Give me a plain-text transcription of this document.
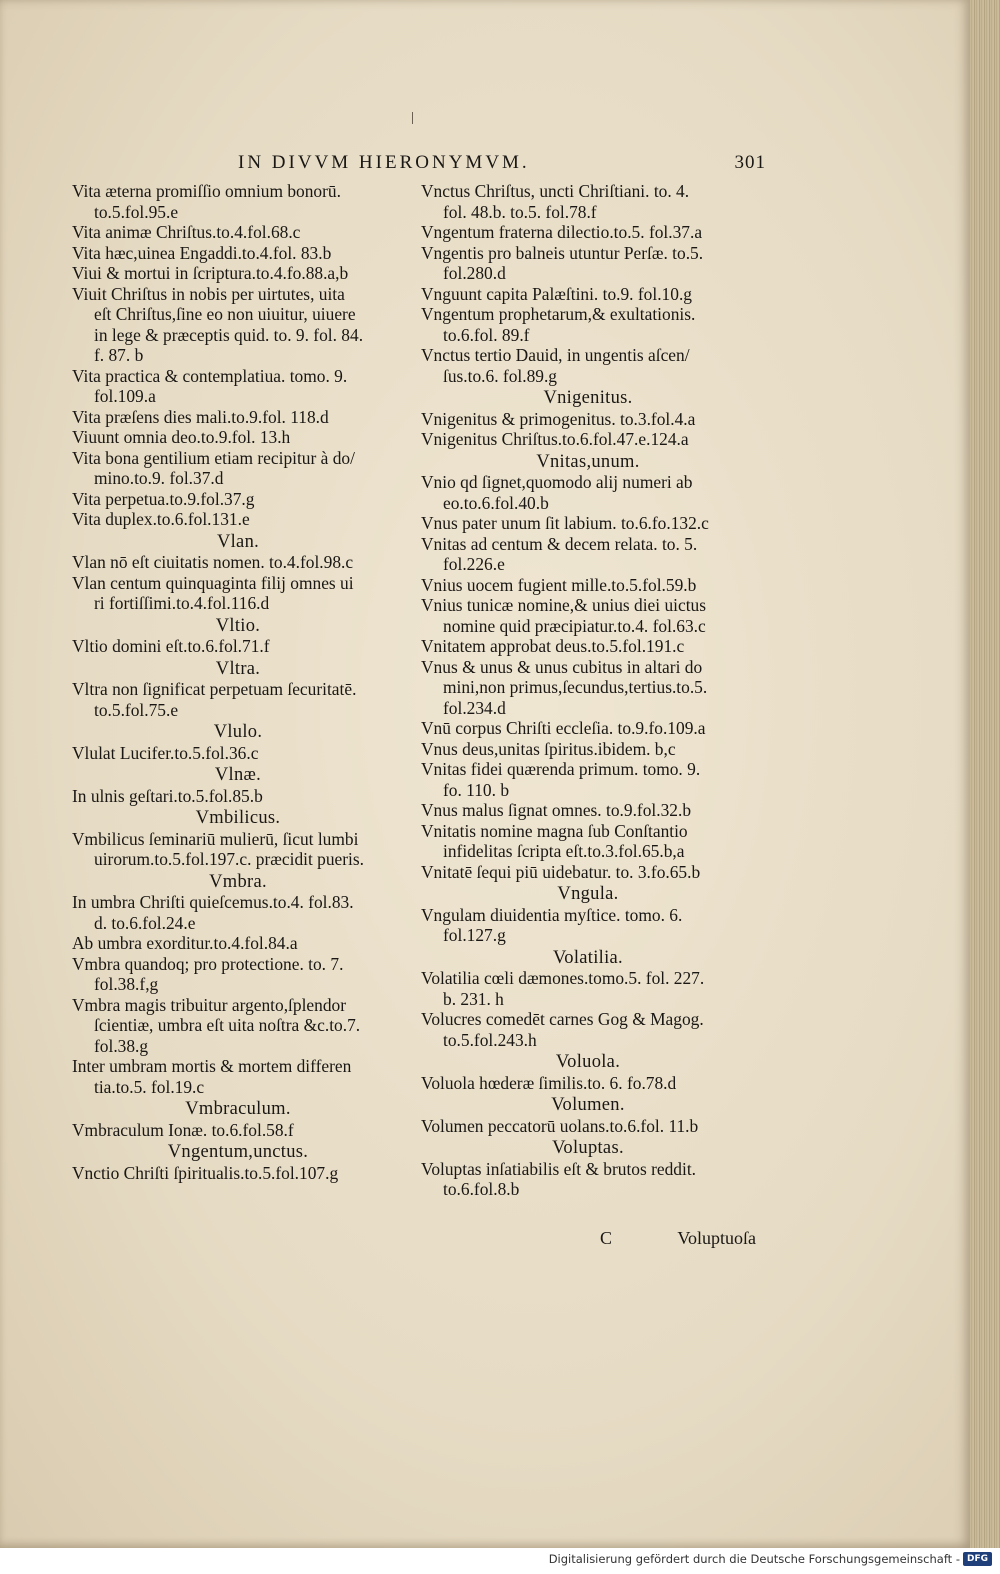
IN DIVVM HIERONYMVM.	301
Vita æterna promiſſio omnium bonorū.
to.5.fol.95.e
Vita animæ Chriſtus.to.4.fol.68.c
Vita hæc,uinea Engaddi.to.4.fol. 83.b
Viui & mortui in ſcriptura.to.4.fo.88.a,b
Viuit Chriſtus in nobis per uirtutes, uita
eſt Chriſtus,ſine eo non uiuitur, uiuere
in lege & præceptis quid. to. 9. fol. 84.
f. 87. b
Vita practica & contemplatiua. tomo. 9.
fol.109.a
Vita præſens dies mali.to.9.fol. 118.d
Viuunt omnia deo.to.9.fol. 13.h
Vita bona gentilium etiam recipitur à do/
mino.to.9. fol.37.d
Vita perpetua.to.9.fol.37.g
Vita duplex.to.6.fol.131.e
Vlan.
Vlan nō eſt ciuitatis nomen. to.4.fol.98.c
Vlan centum quinquaginta filij omnes ui
ri fortiſſimi.to.4.fol.116.d
Vltio.
Vltio domini eſt.to.6.fol.71.f
Vltra.
Vltra non ſignificat perpetuam ſecuritatē.
to.5.fol.75.e
Vlulo.
Vlulat Lucifer.to.5.fol.36.c
Vlnæ.
In ulnis geſtari.to.5.fol.85.b
Vmbilicus.
Vmbilicus ſeminariū mulierū, ſicut lumbi
uirorum.to.5.fol.197.c. præcidit pueris.
Vmbra.
In umbra Chriſti quieſcemus.to.4. fol.83.
d. to.6.fol.24.e
Ab umbra exorditur.to.4.fol.84.a
Vmbra quandoq; pro protectione. to. 7.
fol.38.f,g
Vmbra magis tribuitur argento,ſplendor
ſcientiæ, umbra eſt uita noſtra &c.to.7.
fol.38.g
Inter umbram mortis & mortem differen
tia.to.5. fol.19.c
Vmbraculum.
Vmbraculum Ionæ. to.6.fol.58.f
Vngentum,unctus.
Vnctio Chriſti ſpiritualis.to.5.fol.107.g
Vnctus Chriſtus, uncti Chriſtiani. to. 4.
fol. 48.b. to.5. fol.78.f
Vngentum fraterna dilectio.to.5. fol.37.a
Vngentis pro balneis utuntur Perſæ. to.5.
fol.280.d
Vnguunt capita Palæſtini. to.9. fol.10.g
Vngentum prophetarum,& exultationis.
to.6.fol. 89.f
Vnctus tertio Dauid, in ungentis aſcen/
ſus.to.6. fol.89.g
Vnigenitus.
Vnigenitus & primogenitus. to.3.fol.4.a
Vnigenitus Chriſtus.to.6.fol.47.e.124.a
Vnitas,unum.
Vnio qd ſignet,quomodo alij numeri ab
eo.to.6.fol.40.b
Vnus pater unum ſit labium. to.6.fo.132.c
Vnitas ad centum & decem relata. to. 5.
fol.226.e
Vnius uocem fugient mille.to.5.fol.59.b
Vnius tunicæ nomine,& unius diei uictus
nomine quid præcipiatur.to.4. fol.63.c
Vnitatem approbat deus.to.5.fol.191.c
Vnus & unus & unus cubitus in altari do
mini,non primus,ſecundus,tertius.to.5.
fol.234.d
Vnū corpus Chriſti eccleſia. to.9.fo.109.a
Vnus deus,unitas ſpiritus.ibidem. b,c
Vnitas fidei quærenda primum. tomo. 9.
fo. 110. b
Vnus malus ſignat omnes. to.9.fol.32.b
Vnitatis nomine magna ſub Conſtantio
infidelitas ſcripta eſt.to.3.fol.65.b,a
Vnitatē ſequi piū uidebatur. to. 3.fo.65.b
Vngula.
Vngulam diuidentia myſtice. tomo. 6.
fol.127.g
Volatilia.
Volatilia cœli dæmones.tomo.5. fol. 227.
b. 231. h
Volucres comedēt carnes Gog & Magog.
to.5.fol.243.h
Voluola.
Voluola hœderæ ſimilis.to. 6. fo.78.d
Volumen.
Volumen peccatorū uolans.to.6.fol. 11.b
Voluptas.
Voluptas inſatiabilis eſt & brutos reddit.
to.6.fol.8.b
C	Voluptuoſa
Digitalisierung gefördert durch die Deutsche Forschungsgemeinschaft - DFG
